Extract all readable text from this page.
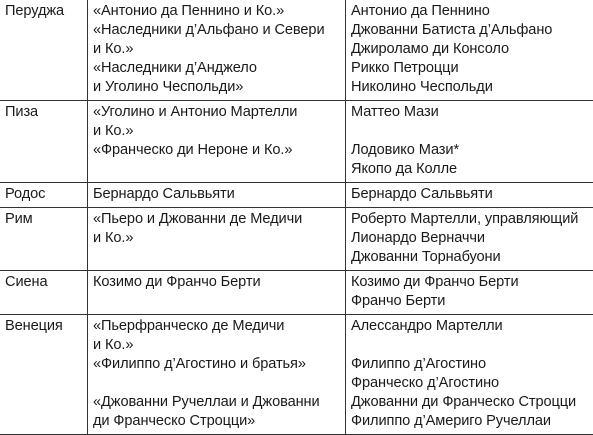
Перуджа	«Антонио да Пеннино и Ко.»
«Наследники д’Альфано и Севери
и Ко.»
«Наследники д’Анджело
и Уголино Чеспольди»	Антонио да Пеннино
Джованни Батиста д’Альфано
Джироламо ди Консоло
Рикко Петроцци
Николино Чеспольди

Пиза	«Уголино и Антонио Мартелли
и Ко.»
«Франческо ди Нероне и Ко.»	Маттео Мази
Лодовико Мази*
Якопо да Колле

Родос	Бернардо Сальвьяти	Бернардо Сальвьяти

Рим	«Пьеро и Джованни де Медичи
и Ко.»	Роберто Мартелли, управляющий
Лионардо Верначчи
Джованни Торнабуони

Сиена	Козимо ди Франчо Берти	Козимо ди Франчо Берти
Франчо Берти

Венеция	«Пьерфранческо де Медичи
и Ко.»
«Филиппо д’Агостино и братья»
«Джованни Ручеллаи и Джованни
ди Франческо Строцци»	Алессандро Мартелли
Филиппо д’Агостино
Франческо д’Агостино
Джованни ди Франческо Строцци
Филиппо д’Америго Ручеллаи
